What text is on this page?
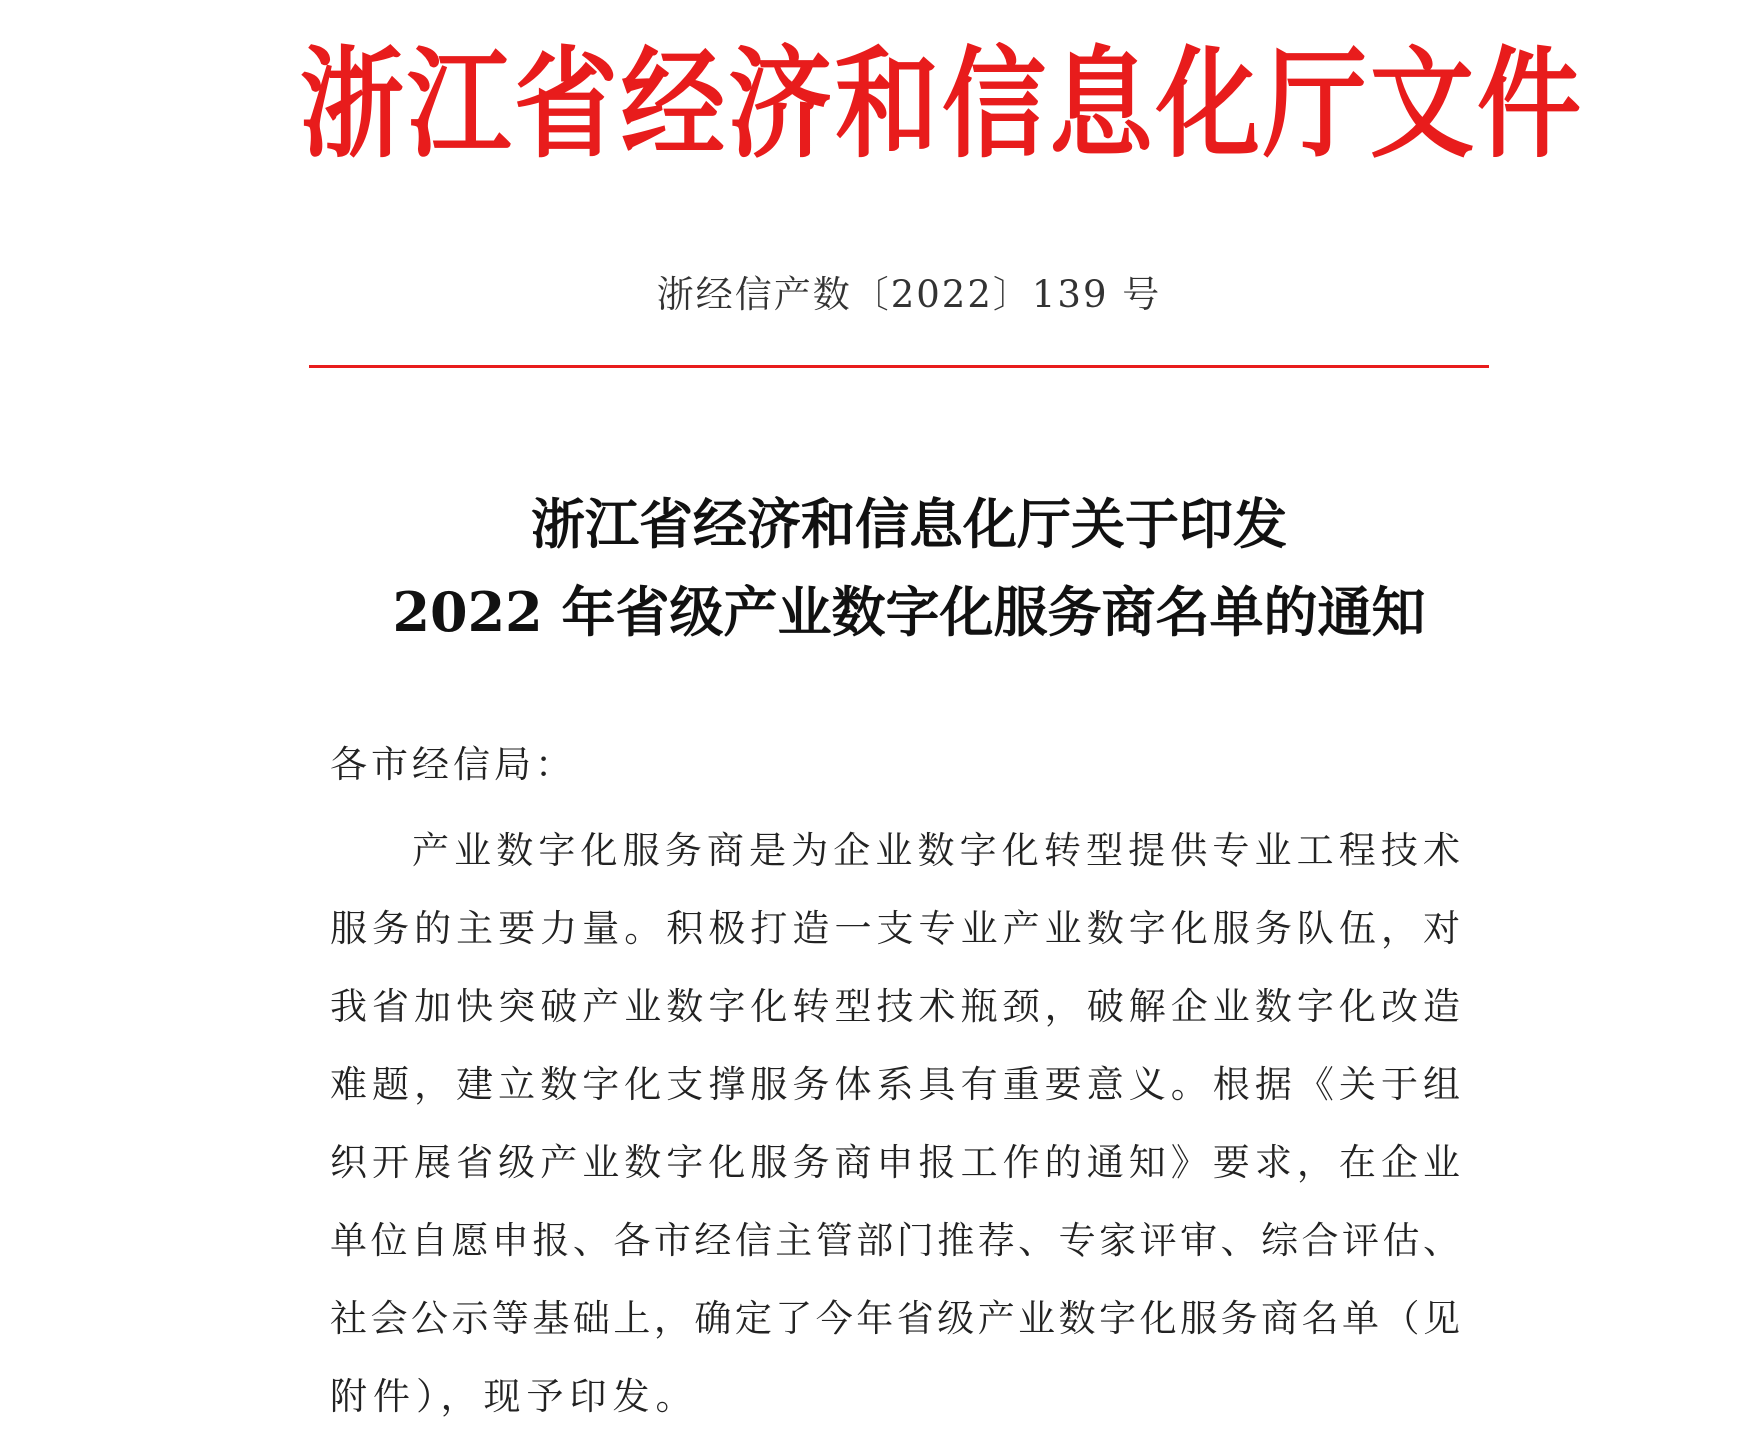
浙江省经济和信息化厅文件
浙经信产数〔2022〕139 号
浙江省经济和信息化厅关于印发
2022 年省级产业数字化服务商名单的通知
各市经信局：
产业数字化服务商是为企业数字化转型提供专业工程技术
服务的主要力量。积极打造一支专业产业数字化服务队伍，对
我省加快突破产业数字化转型技术瓶颈，破解企业数字化改造
难题，建立数字化支撑服务体系具有重要意义。根据《关于组
织开展省级产业数字化服务商申报工作的通知》要求，在企业
单位自愿申报、各市经信主管部门推荐、专家评审、综合评估、
社会公示等基础上，确定了今年省级产业数字化服务商名单（见
附件），现予印发。
